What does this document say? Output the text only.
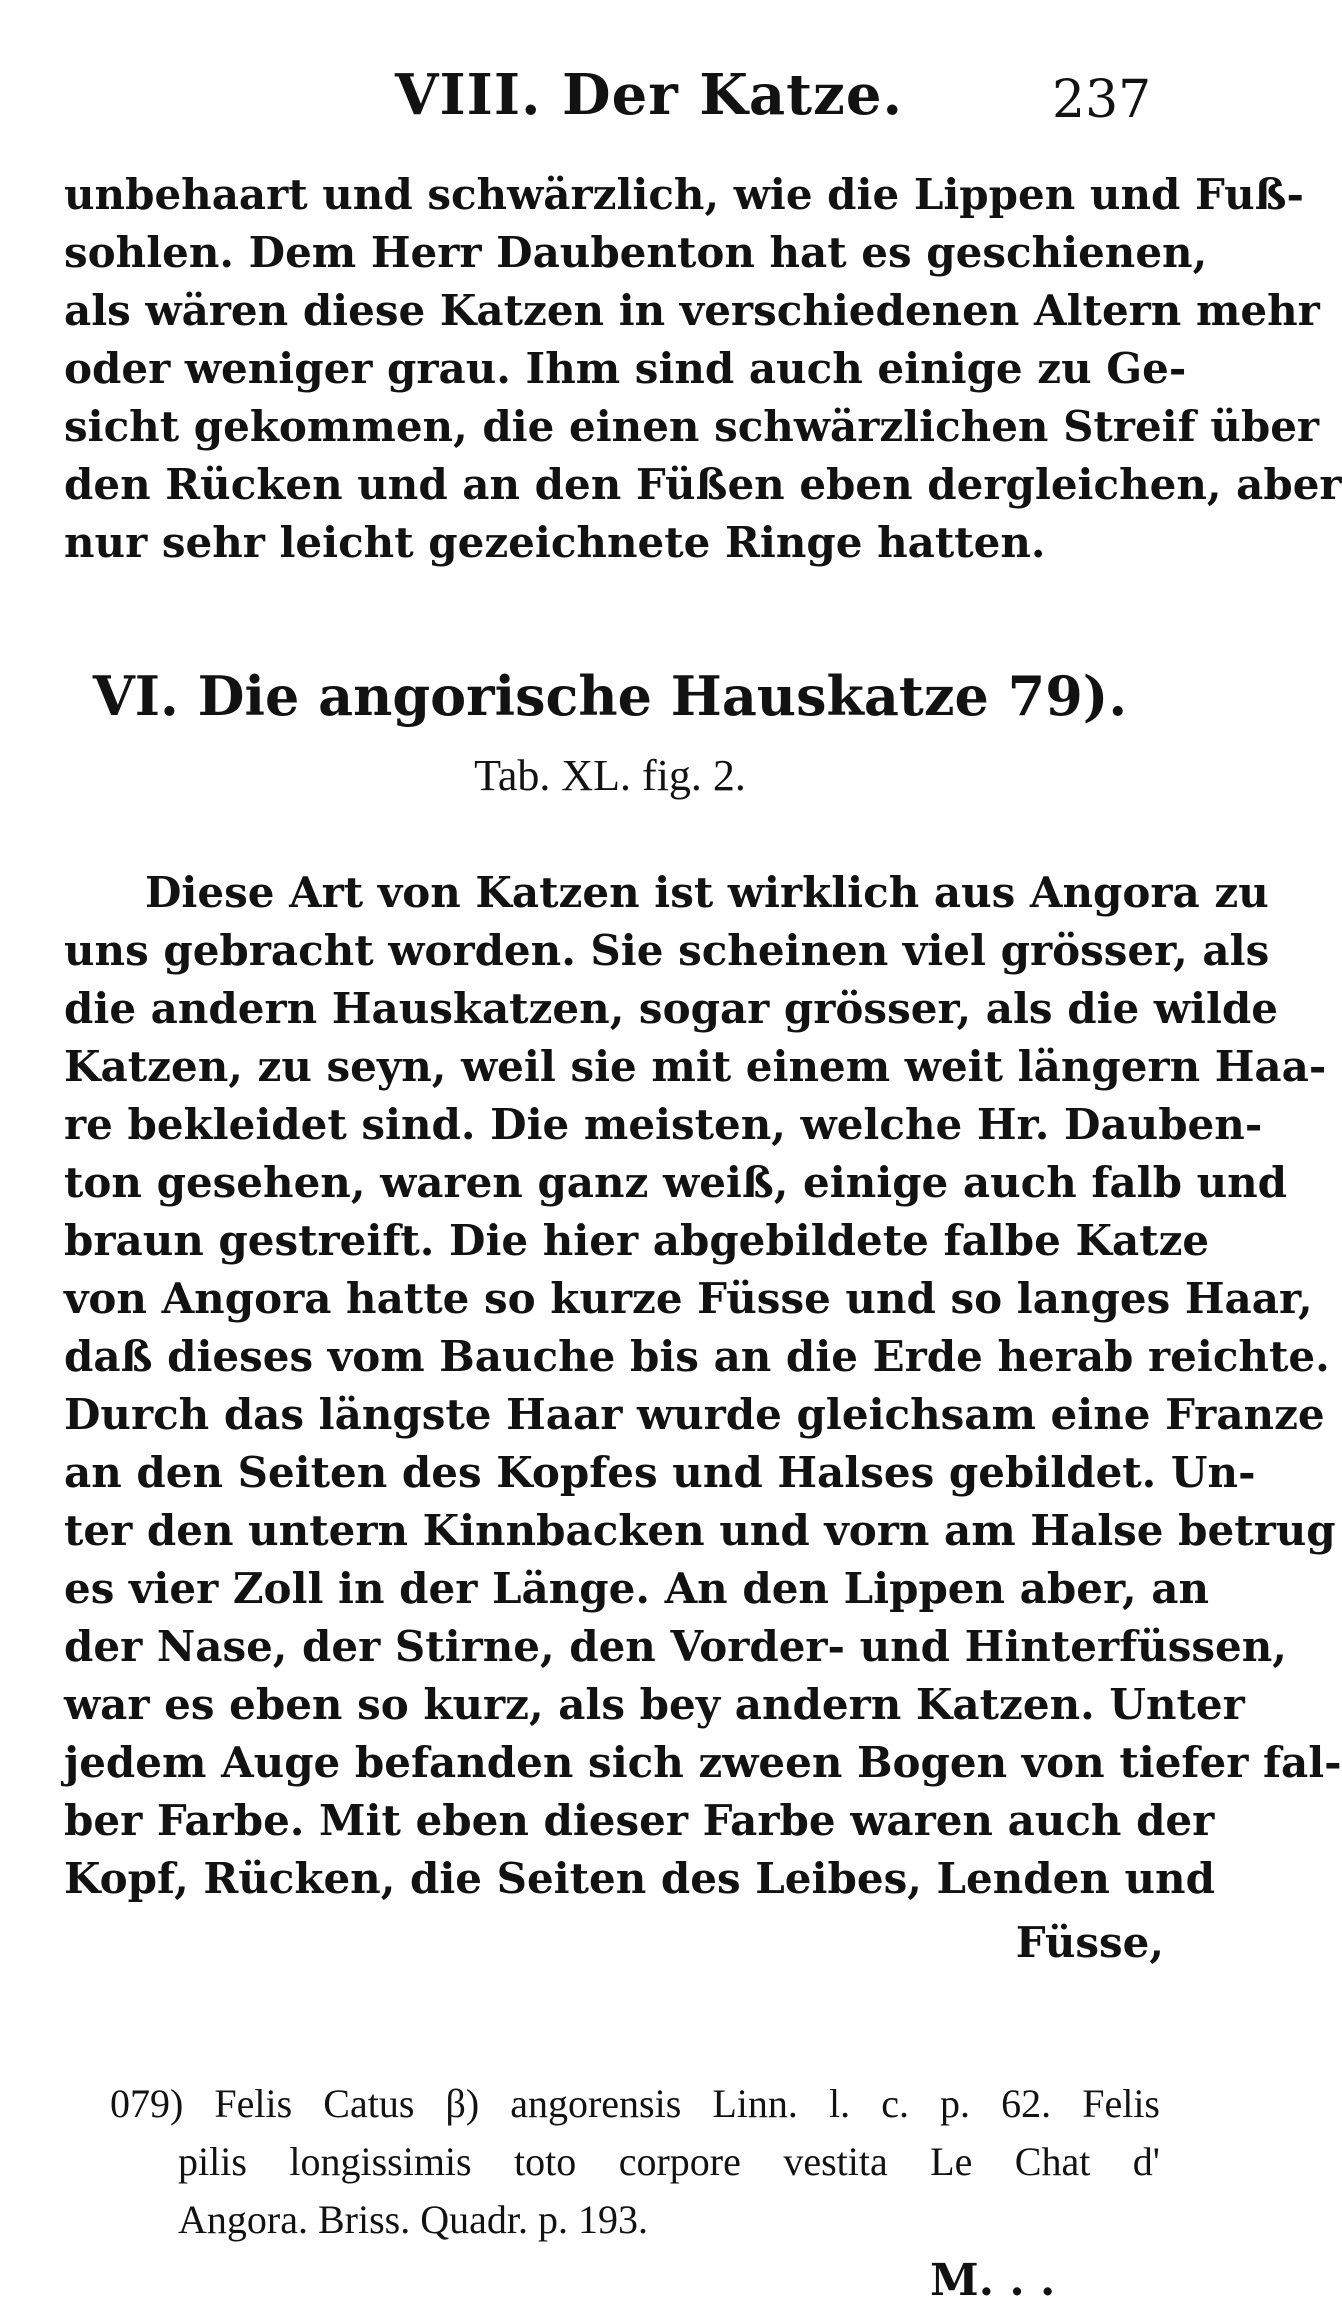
VIII. Der Katze.	237
unbehaart und schwärzlich, wie die Lippen und Fuß-
sohlen. Dem Herr Daubenton hat es geschienen,
als wären diese Katzen in verschiedenen Altern mehr
oder weniger grau. Ihm sind auch einige zu Ge-
sicht gekommen, die einen schwärzlichen Streif über
den Rücken und an den Füßen eben dergleichen, aber
nur sehr leicht gezeichnete Ringe hatten.
VI. Die angorische Hauskatze 79).
Tab. XL. fig. 2.
Diese Art von Katzen ist wirklich aus Angora zu
uns gebracht worden. Sie scheinen viel grösser, als
die andern Hauskatzen, sogar grösser, als die wilde
Katzen, zu seyn, weil sie mit einem weit längern Haa-
re bekleidet sind. Die meisten, welche Hr. Dauben-
ton gesehen, waren ganz weiß, einige auch falb und
braun gestreift. Die hier abgebildete falbe Katze
von Angora hatte so kurze Füsse und so langes Haar,
daß dieses vom Bauche bis an die Erde herab reichte.
Durch das längste Haar wurde gleichsam eine Franze
an den Seiten des Kopfes und Halses gebildet. Un-
ter den untern Kinnbacken und vorn am Halse betrug
es vier Zoll in der Länge. An den Lippen aber, an
der Nase, der Stirne, den Vorder- und Hinterfüssen,
war es eben so kurz, als bey andern Katzen. Unter
jedem Auge befanden sich zween Bogen von tiefer fal-
ber Farbe. Mit eben dieser Farbe waren auch der
Kopf, Rücken, die Seiten des Leibes, Lenden und
Füsse,
079) Felis Catus β) angorensis Linn. l. c. p. 62. Felis
pilis longissimis toto corpore vestita Le Chat d'
Angora. Briss. Quadr. p. 193.
M. . .
